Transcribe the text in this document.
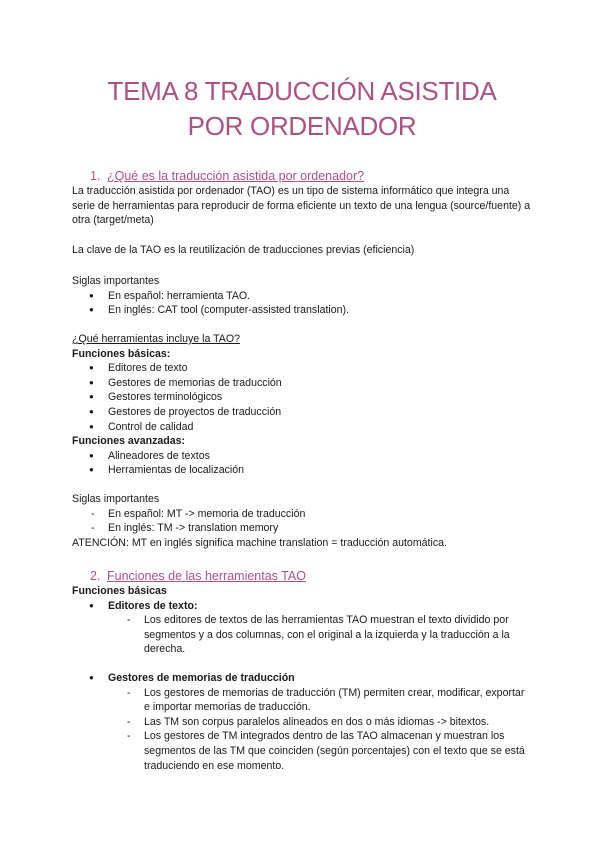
TEMA 8 TRADUCCIÓN ASISTIDA
POR ORDENADOR
1. ¿Qué es la traducción asistida por ordenador?

La traducción asistida por ordenador (TAO) es un tipo de sistema informático que integra una serie de herramientas para reproducir de forma eficiente un texto de una lengua (source/fuente) a otra (target/meta)

La clave de la TAO es la reutilización de traducciones previas (eficiencia)

Siglas importantes

● En español: herramienta TAO.
● En inglés: CAT tool (computer-assisted translation).

¿Qué herramientas incluye la TAO?

Funciones básicas:

● Editores de texto
● Gestores de memorias de traducción
● Gestores terminológicos
● Gestores de proyectos de traducción
● Control de calidad

Funciones avanzadas:

● Alineadores de textos
● Herramientas de localización

Siglas importantes

- En español: MT -> memoria de traducción
- En inglés: TM -> translation memory

ATENCIÓN: MT en inglés significa machine translation = traducción automática.

2. Funciones de las herramientas TAO

Funciones básicas

● Editores de texto:
- Los editores de textos de las herramientas TAO muestran el texto dividido por segmentos y a dos columnas, con el original a la izquierda y la traducción a la derecha.
● Gestores de memorias de traducción
- Los gestores de memorias de traducción (TM) permiten crear, modificar, exportar e importar memorias de traducción.
- Las TM son corpus paralelos alineados en dos o más idiomas -> bitextos.
- Los gestores de TM integrados dentro de las TAO almacenan y muestran los segmentos de las TM que coinciden (según porcentajes) con el texto que se está traduciendo en ese momento.
